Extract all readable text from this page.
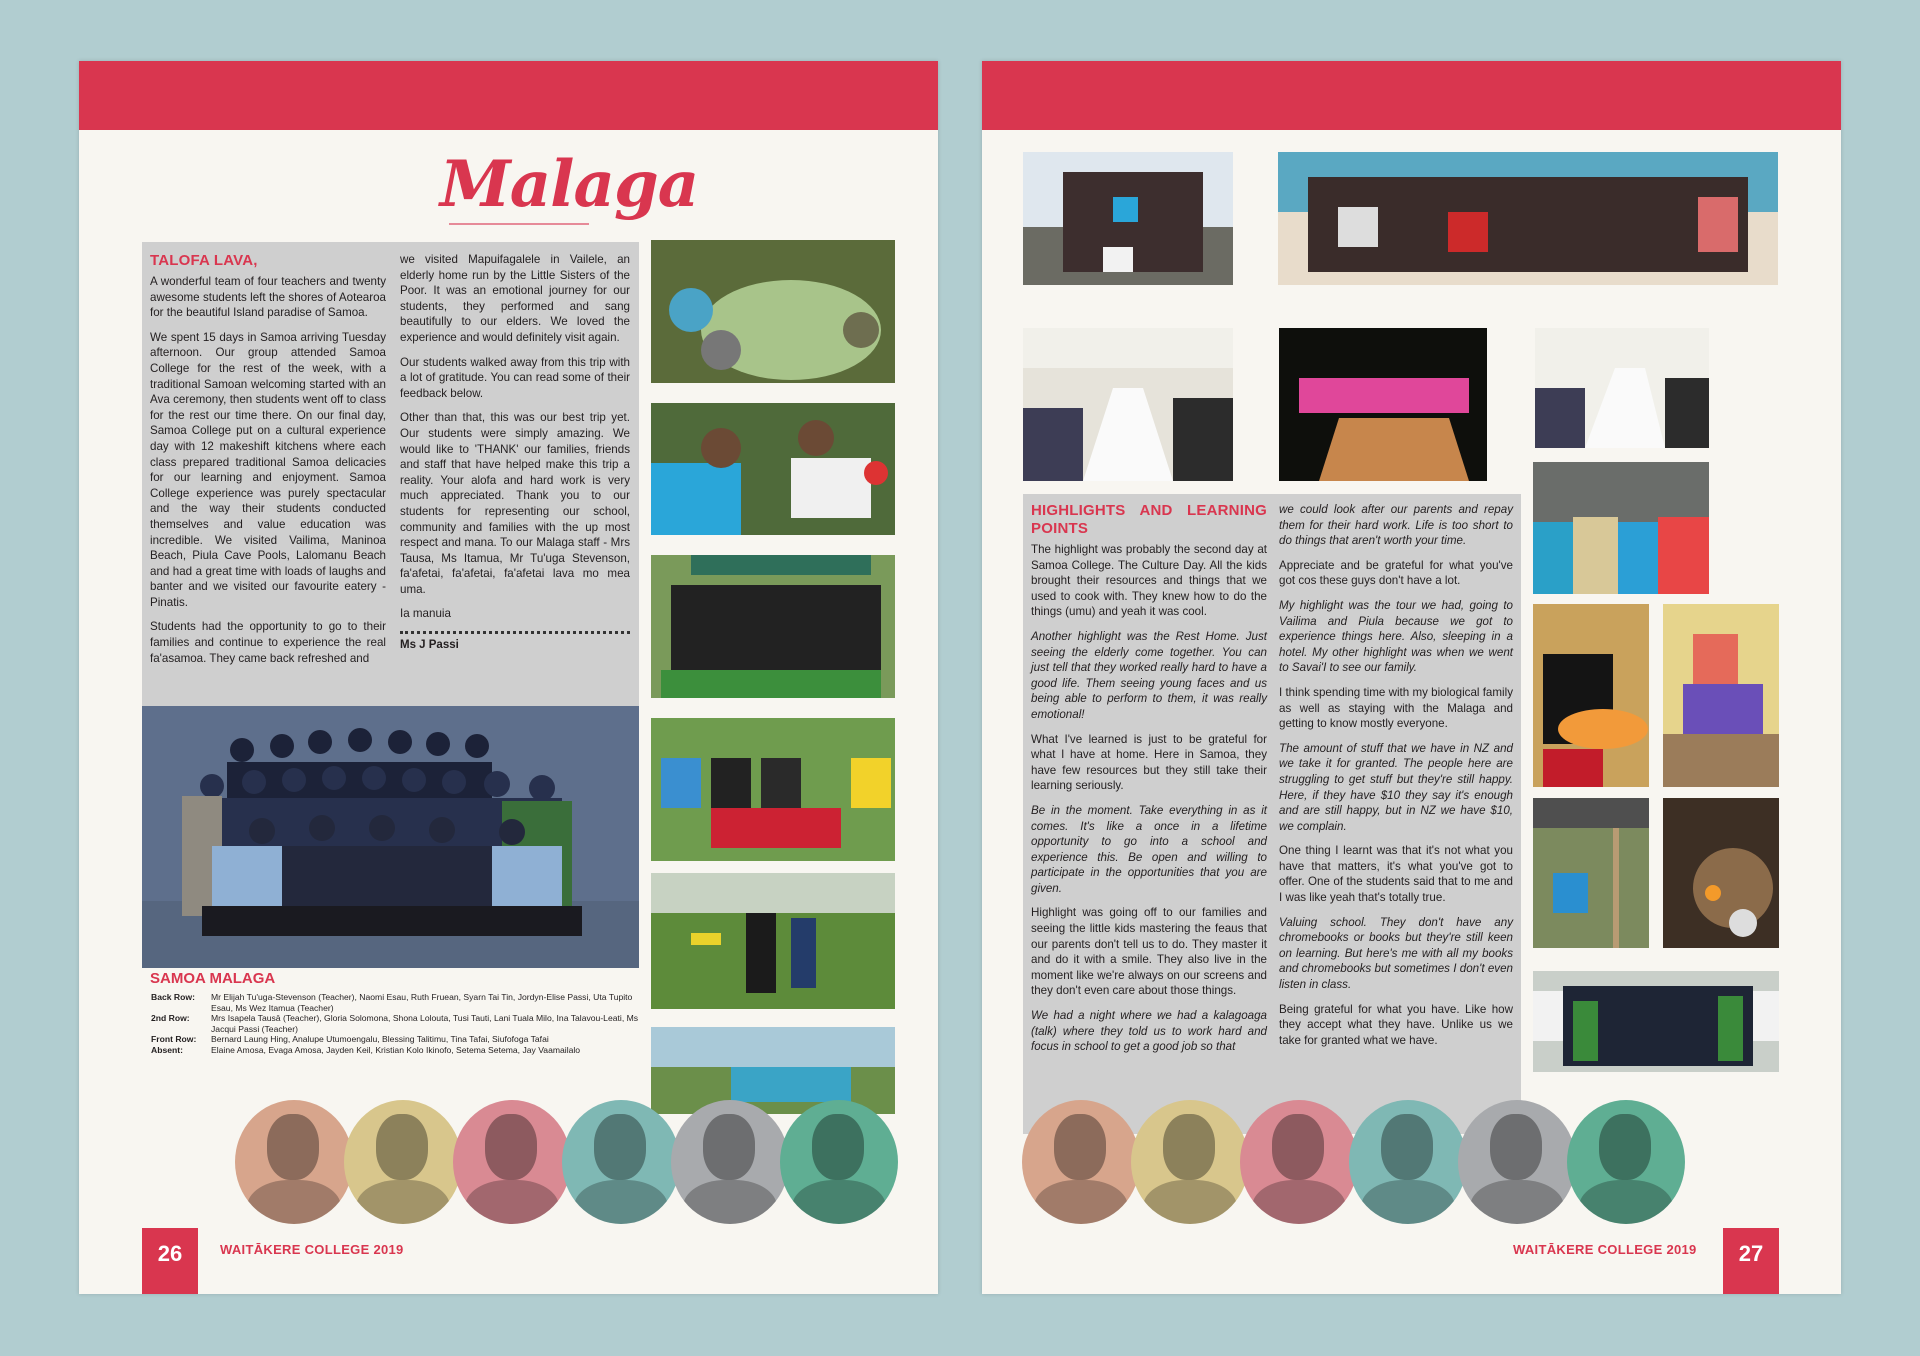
Malaga
TALOFA LAVA,

A wonderful team of four teachers and twenty awesome students left the shores of Aotearoa for the beautiful Island paradise of Samoa.

We spent 15 days in Samoa arriving Tuesday afternoon. Our group attended Samoa College for the rest of the week, with a traditional Samoan welcoming started with an Ava ceremony, then students went off to class for the rest our time there. On our final day, Samoa College put on a cultural experience day with 12 makeshift kitchens where each class prepared traditional Samoa delicacies for our learning and enjoyment. Samoa College experience was purely spectacular and the way their students conducted themselves and value education was incredible. We visited Vailima, Maninoa Beach, Piula Cave Pools, Lalomanu Beach and had a great time with loads of laughs and banter and we visited our favourite eatery - Pinatis.

Students had the opportunity to go to their families and continue to experience the real fa'asamoa. They came back refreshed and

we visited Mapuifagalele in Vailele, an elderly home run by the Little Sisters of the Poor. It was an emotional journey for our students, they performed and sang beautifully to our elders. We loved the experience and would definitely visit again.

Our students walked away from this trip with a lot of gratitude. You can read some of their feedback below.

Other than that, this was our best trip yet. Our students were simply amazing. We would like to 'THANK' our families, friends and staff that have helped make this trip a reality. Your alofa and hard work is very much appreciated. Thank you to our students for representing our school, community and families with the up most respect and mana. To our Malaga staff - Mrs Tausa, Ms Itamua, Mr Tu'uga Stevenson, fa'afetai, fa'afetai, fa'afetai lava mo mea uma.

Ia manuia

Ms J Passi
SAMOA MALAGA
Back Row:	Mr Elijah Tu'uga-Stevenson (Teacher), Naomi Esau, Ruth Fruean, Syarn Tai Tin, Jordyn-Elise Passi, Uta Tupito Esau, Ms Wez Itamua (Teacher)
2nd Row:	Mrs Isapela Tausā (Teacher), Gloria Solomona, Shona Lolouta, Tusi Tauti, Lani Tuala Milo, Ina Talavou-Leati, Ms Jacqui Passi (Teacher)
Front Row:	Bernard Laung Hing, Analupe Utumoengalu, Blessing Talitimu, Tina Tafai, Siufofoga Tafai
Absent:	Elaine Amosa, Evaga Amosa, Jayden Keil, Kristian Kolo Ikinofo, Setema Setema, Jay Vaamailalo
26	WAITĀKERE COLLEGE 2019
HIGHLIGHTS AND LEARNING POINTS

The highlight was probably the second day at Samoa College. The Culture Day. All the kids brought their resources and things that we used to cook with. They knew how to do the things (umu) and yeah it was cool.

Another highlight was the Rest Home. Just seeing the elderly come together. You can just tell that they worked really hard to have a good life. Them seeing young faces and us being able to perform to them, it was really emotional!

What I've learned is just to be grateful for what I have at home. Here in Samoa, they have few resources but they still take their learning seriously.

Be in the moment. Take everything in as it comes. It's like a once in a lifetime opportunity to go into a school and experience this. Be open and willing to participate in the opportunities that you are given.

Highlight was going off to our families and seeing the little kids mastering the feaus that our parents don't tell us to do. They master it and do it with a smile. They also live in the moment like we're always on our screens and they don't even care about those things.

We had a night where we had a kalagoaga (talk) where they told us to work hard and focus in school to get a good job so that

we could look after our parents and repay them for their hard work. Life is too short to do things that aren't worth your time.

Appreciate and be grateful for what you've got cos these guys don't have a lot.

My highlight was the tour we had, going to Vailima and Piula because we got to experience things here. Also, sleeping in a hotel. My other highlight was when we went to Savai'I to see our family.

I think spending time with my biological family as well as staying with the Malaga and getting to know mostly everyone.

The amount of stuff that we have in NZ and we take it for granted. The people here are struggling to get stuff but they're still happy. Here, if they have $10 they say it's enough and are still happy, but in NZ we have $10, we complain.

One thing I learnt was that it's not what you have that matters, it's what you've got to offer. One of the students said that to me and I was like yeah that's totally true.

Valuing school. They don't have any chromebooks or books but they're still keen on learning. But here's me with all my books and chromebooks but sometimes I don't even listen in class.

Being grateful for what you have. Like how they accept what they have. Unlike us we take for granted what we have.

WAITĀKERE COLLEGE 2019	27
